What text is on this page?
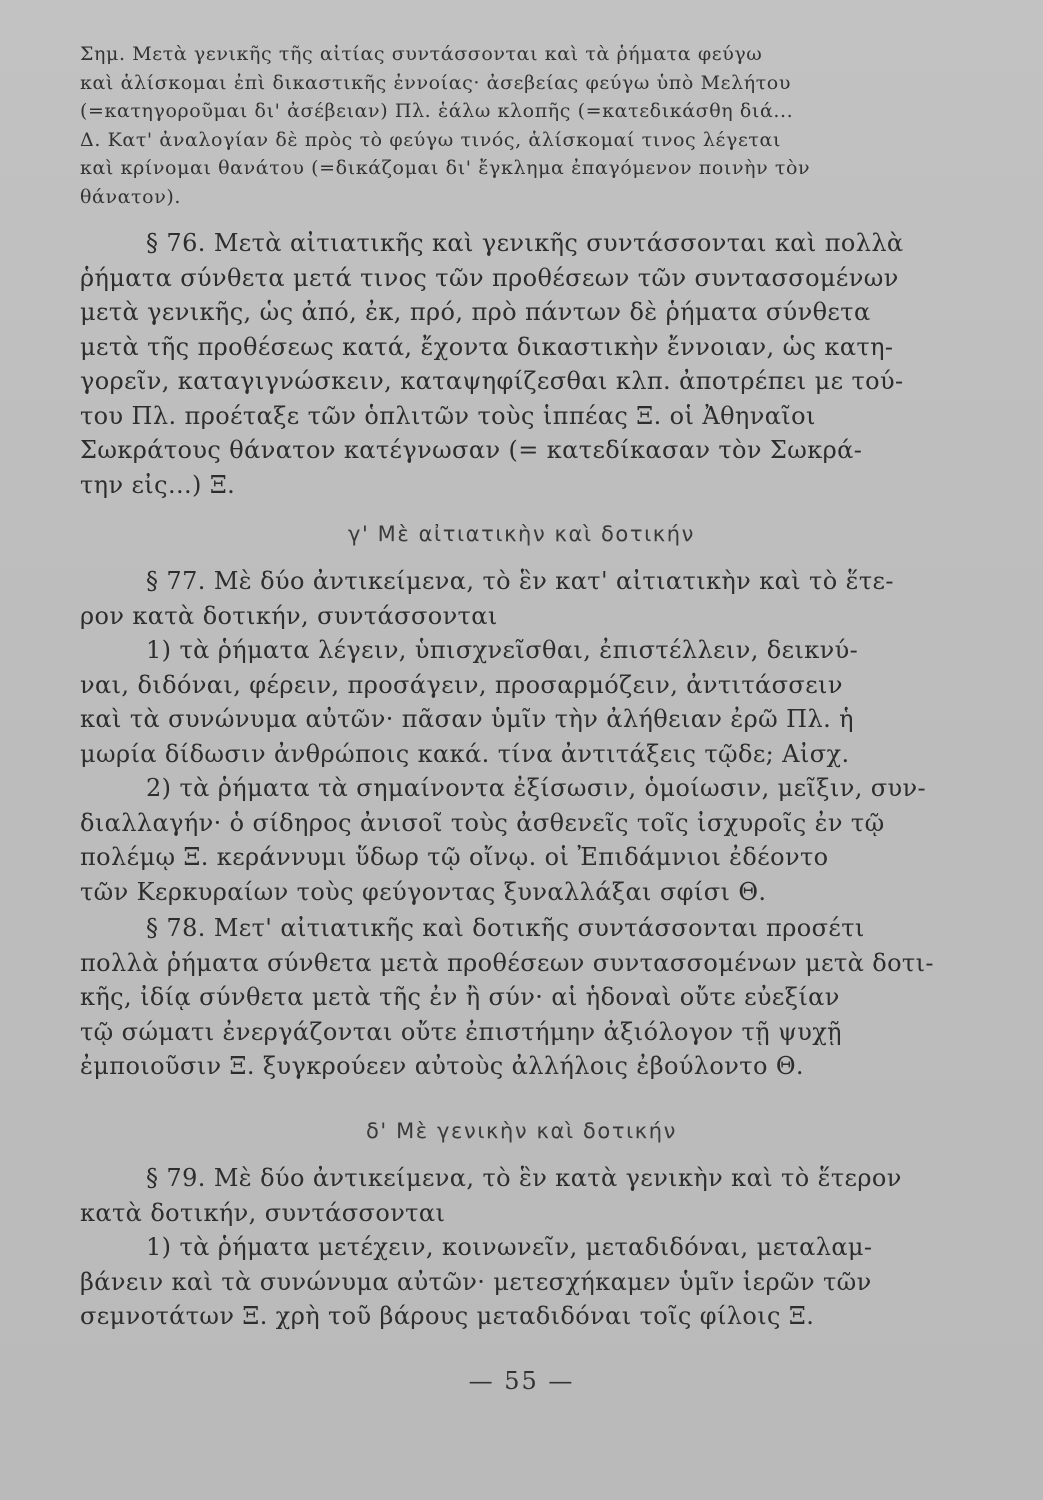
Σημ. Μετὰ γενικῆς τῆς αἰτίας συντάσσονται καὶ τὰ ῥήματα φεύγω
καὶ ἁλίσκομαι ἐπὶ δικαστικῆς ἐννοίας· ἀσεβείας φεύγω ὑπὸ Μελήτου
(=κατηγοροῦμαι δι' ἀσέβειαν) Πλ. ἑάλω κλοπῆς (=κατεδικάσθη διά...
Δ. Κατ' ἀναλογίαν δὲ πρὸς τὸ φεύγω τινός, ἁλίσκομαί τινος λέγεται
καὶ κρίνομαι θανάτου (=δικάζομαι δι' ἔγκλημα ἐπαγόμενον ποινὴν τὸν
θάνατον).
§ 76. Μετὰ αἰτιατικῆς καὶ γενικῆς συντάσσονται καὶ πολλὰ
ῥήματα σύνθετα μετά τινος τῶν προθέσεων τῶν συντασσομένων
μετὰ γενικῆς, ὡς ἀπό, ἐκ, πρό, πρὸ πάντων δὲ ῥήματα σύνθετα
μετὰ τῆς προθέσεως κατά, ἔχοντα δικαστικὴν ἔννοιαν, ὡς κατη-
γορεῖν, καταγιγνώσκειν, καταψηφίζεσθαι κλπ. ἀποτρέπει με τού-
του Πλ. προέταξε τῶν ὁπλιτῶν τοὺς ἱππέας Ξ. οἱ Ἀθηναῖοι
Σωκράτους θάνατον κατέγνωσαν (= κατεδίκασαν τὸν Σωκρά-
την εἰς...) Ξ.
γ' Μὲ αἰτιατικὴν καὶ δοτικήν
§ 77. Μὲ δύο ἀντικείμενα, τὸ ἓν κατ' αἰτιατικὴν καὶ τὸ ἕτε-
ρον κατὰ δοτικήν, συντάσσονται
1) τὰ ῥήματα λέγειν, ὑπισχνεῖσθαι, ἐπιστέλλειν, δεικνύ-
ναι, διδόναι, φέρειν, προσάγειν, προσαρμόζειν, ἀντιτάσσειν
καὶ τὰ συνώνυμα αὐτῶν· πᾶσαν ὑμῖν τὴν ἀλήθειαν ἐρῶ Πλ. ἡ
μωρία δίδωσιν ἀνθρώποις κακά. τίνα ἀντιτάξεις τῷδε; Αἰσχ.
2) τὰ ῥήματα τὰ σημαίνοντα ἐξίσωσιν, ὁμοίωσιν, μεῖξιν, συν-
διαλλαγήν· ὁ σίδηρος ἀνισοῖ τοὺς ἀσθενεῖς τοῖς ἰσχυροῖς ἐν τῷ
πολέμῳ Ξ. κεράννυμι ὕδωρ τῷ οἴνῳ. οἱ Ἐπιδάμνιοι ἐδέοντο
τῶν Κερκυραίων τοὺς φεύγοντας ξυναλλάξαι σφίσι Θ.
§ 78. Μετ' αἰτιατικῆς καὶ δοτικῆς συντάσσονται προσέτι
πολλὰ ῥήματα σύνθετα μετὰ προθέσεων συντασσομένων μετὰ δοτι-
κῆς, ἰδίᾳ σύνθετα μετὰ τῆς ἐν ἢ σύν· αἱ ἡδοναὶ οὔτε εὐεξίαν
τῷ σώματι ἐνεργάζονται οὔτε ἐπιστήμην ἀξιόλογον τῇ ψυχῇ
ἐμποιοῦσιν Ξ. ξυγκρούεεν αὐτοὺς ἀλλήλοις ἐβούλοντο Θ.
δ' Μὲ γενικὴν καὶ δοτικήν
§ 79. Μὲ δύο ἀντικείμενα, τὸ ἓν κατὰ γενικὴν καὶ τὸ ἕτερον
κατὰ δοτικήν, συντάσσονται
1) τὰ ῥήματα μετέχειν, κοινωνεῖν, μεταδιδόναι, μεταλαμ-
βάνειν καὶ τὰ συνώνυμα αὐτῶν· μετεσχήκαμεν ὑμῖν ἱερῶν τῶν
σεμνοτάτων Ξ. χρὴ τοῦ βάρους μεταδιδόναι τοῖς φίλοις Ξ.
— 55 —
